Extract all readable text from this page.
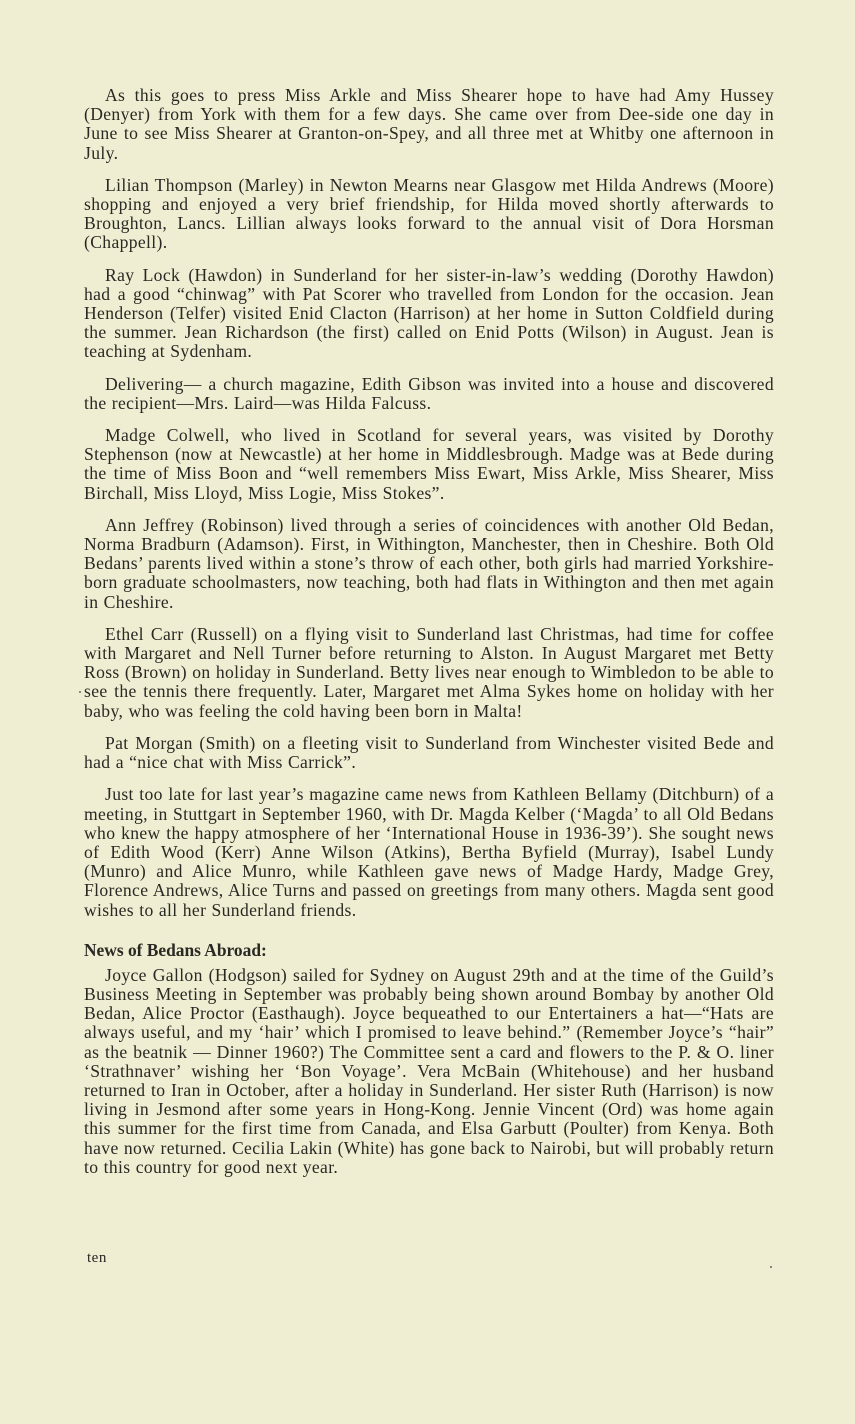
As this goes to press Miss Arkle and Miss Shearer hope to have had Amy Hussey (Denyer) from York with them for a few days. She came over from Dee-side one day in June to see Miss Shearer at Granton-on-Spey, and all three met at Whitby one afternoon in July.

Lilian Thompson (Marley) in Newton Mearns near Glasgow met Hilda Andrews (Moore) shopping and enjoyed a very brief friendship, for Hilda moved shortly afterwards to Broughton, Lancs. Lillian always looks forward to the annual visit of Dora Horsman (Chappell).

Ray Lock (Hawdon) in Sunderland for her sister-in-law’s wedding (Dorothy Hawdon) had a good “chinwag” with Pat Scorer who travelled from London for the occasion. Jean Henderson (Telfer) visited Enid Clacton (Harrison) at her home in Sutton Coldfield during the summer. Jean Richardson (the first) called on Enid Potts (Wilson) in August. Jean is teaching at Sydenham.

Delivering— a church magazine, Edith Gibson was invited into a house and discovered the recipient—Mrs. Laird—was Hilda Falcuss.

Madge Colwell, who lived in Scotland for several years, was visited by Dorothy Stephenson (now at Newcastle) at her home in Middlesbrough. Madge was at Bede during the time of Miss Boon and “well remembers Miss Ewart, Miss Arkle, Miss Shearer, Miss Birchall, Miss Lloyd, Miss Logie, Miss Stokes”.

Ann Jeffrey (Robinson) lived through a series of coincidences with another Old Bedan, Norma Bradburn (Adamson). First, in Withington, Manchester, then in Cheshire. Both Old Bedans’ parents lived within a stone’s throw of each other, both girls had married Yorkshire-born graduate schoolmasters, now teaching, both had flats in Withington and then met again in Cheshire.

Ethel Carr (Russell) on a flying visit to Sunderland last Christmas, had time for coffee with Margaret and Nell Turner before returning to Alston. In August Margaret met Betty Ross (Brown) on holiday in Sunderland. Betty lives near enough to Wimbledon to be able to see the tennis there frequently. Later, Margaret met Alma Sykes home on holiday with her baby, who was feeling the cold having been born in Malta!

Pat Morgan (Smith) on a fleeting visit to Sunderland from Winchester visited Bede and had a “nice chat with Miss Carrick”.

Just too late for last year’s magazine came news from Kathleen Bellamy (Ditchburn) of a meeting, in Stuttgart in September 1960, with Dr. Magda Kelber (‘Magda’ to all Old Bedans who knew the happy atmosphere of her ‘International House in 1936-39’). She sought news of Edith Wood (Kerr) Anne Wilson (Atkins), Bertha Byfield (Murray), Isabel Lundy (Munro) and Alice Munro, while Kathleen gave news of Madge Hardy, Madge Grey, Florence Andrews, Alice Turns and passed on greetings from many others. Magda sent good wishes to all her Sunderland friends.

News of Bedans Abroad:

Joyce Gallon (Hodgson) sailed for Sydney on August 29th and at the time of the Guild’s Business Meeting in September was probably being shown around Bombay by another Old Bedan, Alice Proctor (Easthaugh). Joyce bequeathed to our Entertainers a hat—“Hats are always useful, and my ‘hair’ which I promised to leave behind.” (Remember Joyce’s “hair” as the beatnik — Dinner 1960?) The Committee sent a card and flowers to the P. & O. liner ‘Strathnaver’ wishing her ‘Bon Voyage’. Vera McBain (Whitehouse) and her husband returned to Iran in October, after a holiday in Sunderland. Her sister Ruth (Harrison) is now living in Jesmond after some years in Hong-Kong. Jennie Vincent (Ord) was home again this summer for the first time from Canada, and Elsa Garbutt (Poulter) from Kenya. Both have now returned. Cecilia Lakin (White) has gone back to Nairobi, but will probably return to this country for good next year.

ten
